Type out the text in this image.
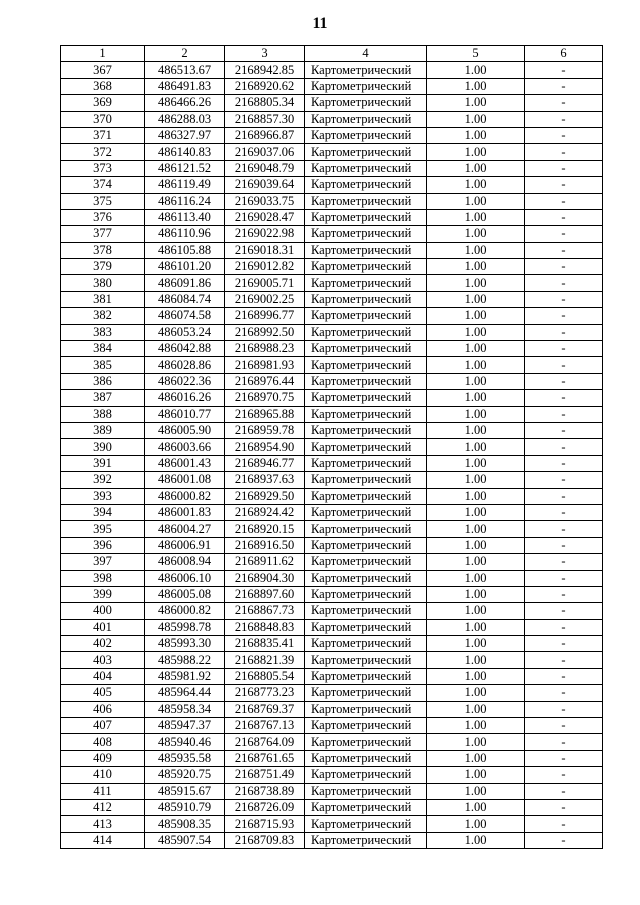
11
1	2	3	4	5	6
367	486513.67	2168942.85	Картометрический	1.00	-
368	486491.83	2168920.62	Картометрический	1.00	-
369	486466.26	2168805.34	Картометрический	1.00	-
370	486288.03	2168857.30	Картометрический	1.00	-
371	486327.97	2168966.87	Картометрический	1.00	-
372	486140.83	2169037.06	Картометрический	1.00	-
373	486121.52	2169048.79	Картометрический	1.00	-
374	486119.49	2169039.64	Картометрический	1.00	-
375	486116.24	2169033.75	Картометрический	1.00	-
376	486113.40	2169028.47	Картометрический	1.00	-
377	486110.96	2169022.98	Картометрический	1.00	-
378	486105.88	2169018.31	Картометрический	1.00	-
379	486101.20	2169012.82	Картометрический	1.00	-
380	486091.86	2169005.71	Картометрический	1.00	-
381	486084.74	2169002.25	Картометрический	1.00	-
382	486074.58	2168996.77	Картометрический	1.00	-
383	486053.24	2168992.50	Картометрический	1.00	-
384	486042.88	2168988.23	Картометрический	1.00	-
385	486028.86	2168981.93	Картометрический	1.00	-
386	486022.36	2168976.44	Картометрический	1.00	-
387	486016.26	2168970.75	Картометрический	1.00	-
388	486010.77	2168965.88	Картометрический	1.00	-
389	486005.90	2168959.78	Картометрический	1.00	-
390	486003.66	2168954.90	Картометрический	1.00	-
391	486001.43	2168946.77	Картометрический	1.00	-
392	486001.08	2168937.63	Картометрический	1.00	-
393	486000.82	2168929.50	Картометрический	1.00	-
394	486001.83	2168924.42	Картометрический	1.00	-
395	486004.27	2168920.15	Картометрический	1.00	-
396	486006.91	2168916.50	Картометрический	1.00	-
397	486008.94	2168911.62	Картометрический	1.00	-
398	486006.10	2168904.30	Картометрический	1.00	-
399	486005.08	2168897.60	Картометрический	1.00	-
400	486000.82	2168867.73	Картометрический	1.00	-
401	485998.78	2168848.83	Картометрический	1.00	-
402	485993.30	2168835.41	Картометрический	1.00	-
403	485988.22	2168821.39	Картометрический	1.00	-
404	485981.92	2168805.54	Картометрический	1.00	-
405	485964.44	2168773.23	Картометрический	1.00	-
406	485958.34	2168769.37	Картометрический	1.00	-
407	485947.37	2168767.13	Картометрический	1.00	-
408	485940.46	2168764.09	Картометрический	1.00	-
409	485935.58	2168761.65	Картометрический	1.00	-
410	485920.75	2168751.49	Картометрический	1.00	-
411	485915.67	2168738.89	Картометрический	1.00	-
412	485910.79	2168726.09	Картометрический	1.00	-
413	485908.35	2168715.93	Картометрический	1.00	-
414	485907.54	2168709.83	Картометрический	1.00	-
